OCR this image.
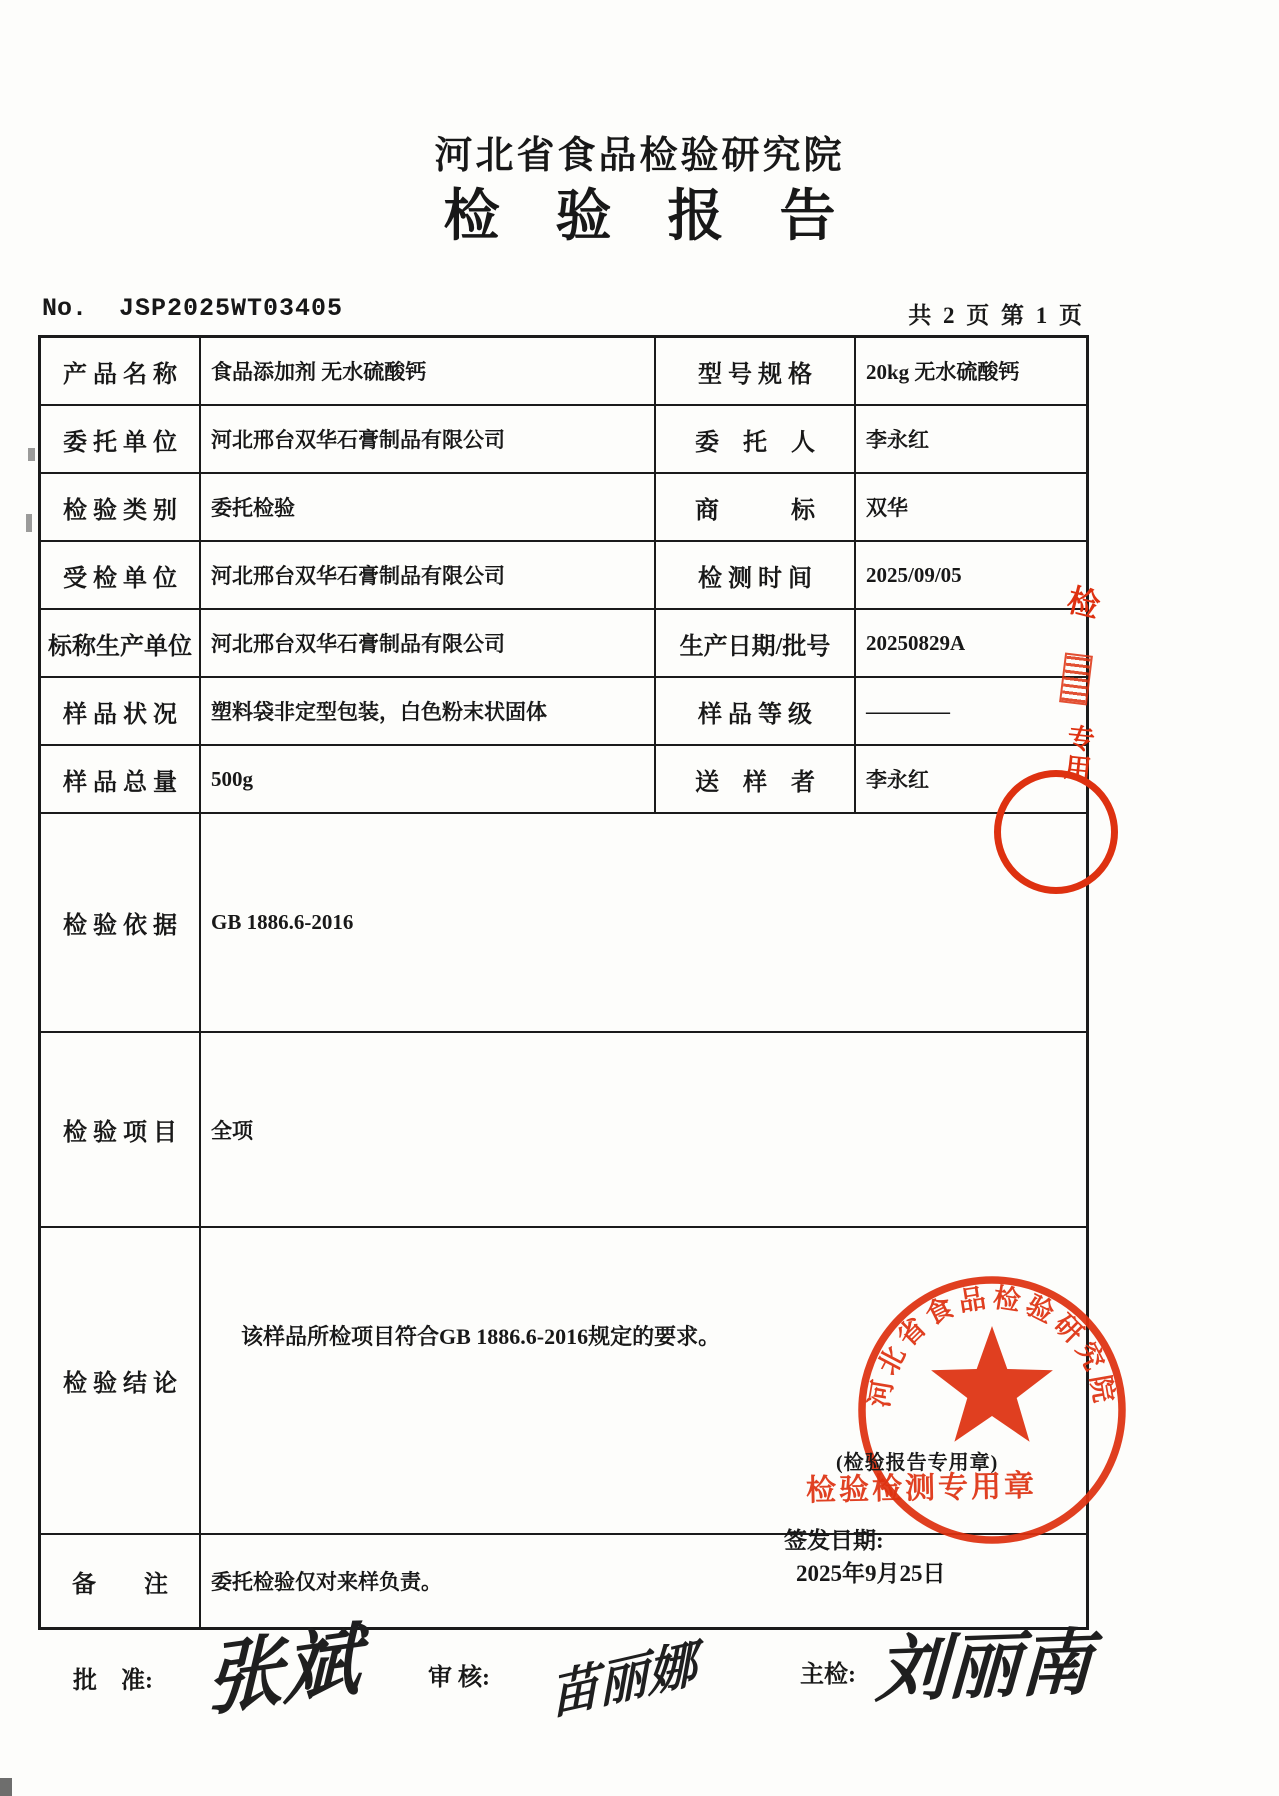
河北省食品检验研究院
检　验　报　告
No. JSP2025WT03405	共 2 页 第 1 页
产 品 名 称	食品添加剂 无水硫酸钙	型 号 规 格	20kg 无水硫酸钙
委 托 单 位	河北邢台双华石膏制品有限公司	委　托　人	李永红
检 验 类 别	委托检验	商　　　标	双华
受 检 单 位	河北邢台双华石膏制品有限公司	检 测 时 间	2025/09/05
标称生产单位 河北邢台双华石膏制品有限公司	生产日期/批号	20250829A
样 品 状 况	塑料袋非定型包装，白色粉末状固体	样 品 等 级	————
样 品 总 量	500g	送　样　者	李永红
检 验 依 据	GB 1886.6-2016
检 验 项 目	全项
检 验 结 论
该样品所检项目符合GB 1886.6-2016规定的要求。

签发日期:
2025年9月25日

备　　注	委托检验仅对来样负责。
河北省食品检验研究院
(检验报告专用章)
检验检测专用章
检
专用
批　准: 张斌	审 核: 苗丽娜	主检: 刘丽南
